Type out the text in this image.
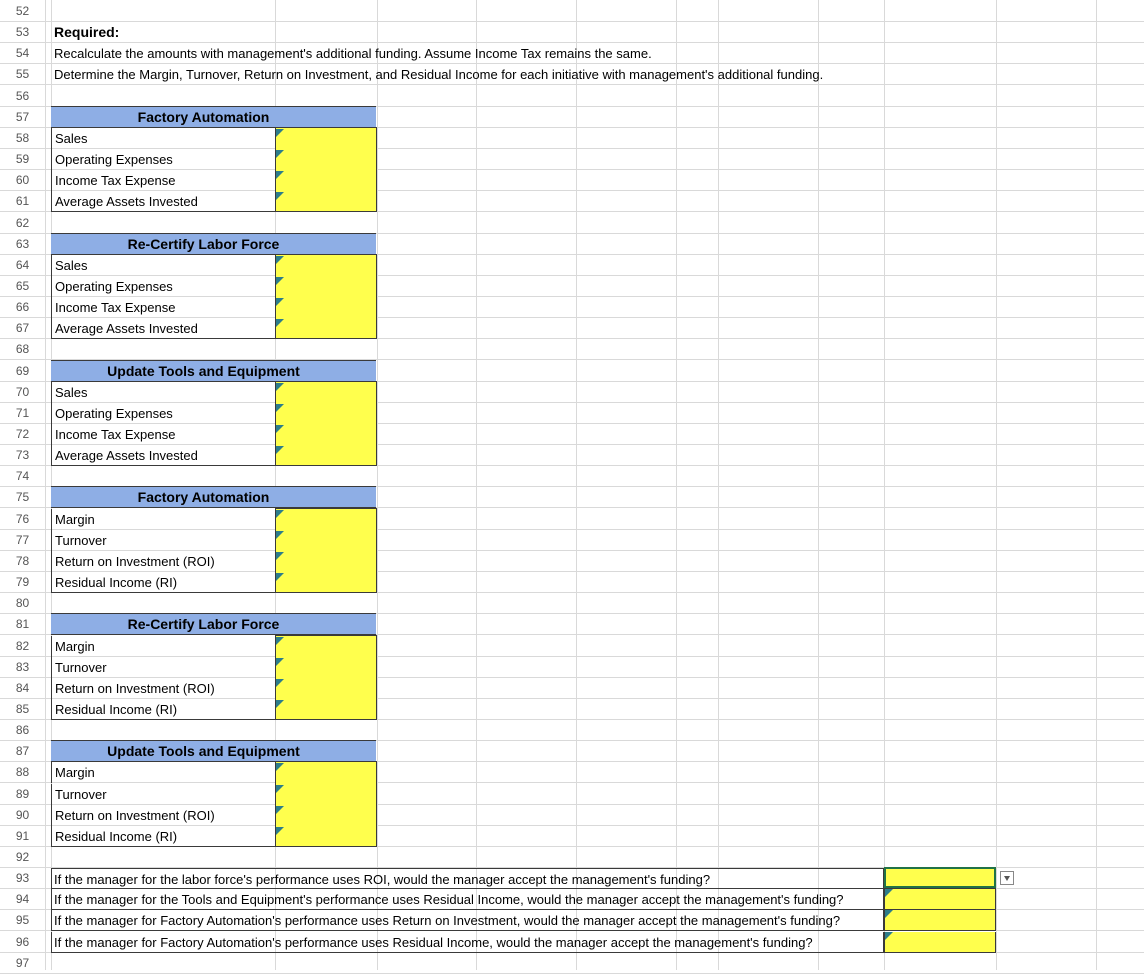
52
53
54
55
56
57
58
59
60
61
62
63
64
65
66
67
68
69
70
71
72
73
74
75
76
77
78
79
80
81
82
83
84
85
86
87
88
89
90
91
92
93
94
95
96
97
Required:
Recalculate the amounts with management's additional funding. Assume Income Tax remains the same.
Determine the Margin, Turnover, Return on Investment, and Residual Income for each initiative with management's additional funding.
Factory Automation
Sales
Operating Expenses
Income Tax Expense
Average Assets Invested
Re-Certify Labor Force
Sales
Operating Expenses
Income Tax Expense
Average Assets Invested
Update Tools and Equipment
Sales
Operating Expenses
Income Tax Expense
Average Assets Invested
Factory Automation
Margin
Turnover
Return on Investment (ROI)
Residual Income (RI)
Re-Certify Labor Force
Margin
Turnover
Return on Investment (ROI)
Residual Income (RI)
Update Tools and Equipment
Margin
Turnover
Return on Investment (ROI)
Residual Income (RI)
If the manager for the labor force's performance uses ROI, would the manager accept the management's funding?
If the manager for the Tools and Equipment's performance uses Residual Income, would the manager accept the management's funding?
If the manager for Factory Automation's performance uses Return on Investment, would the manager accept the management's funding?
If the manager for Factory Automation's performance uses Residual Income, would the manager accept the management's funding?
